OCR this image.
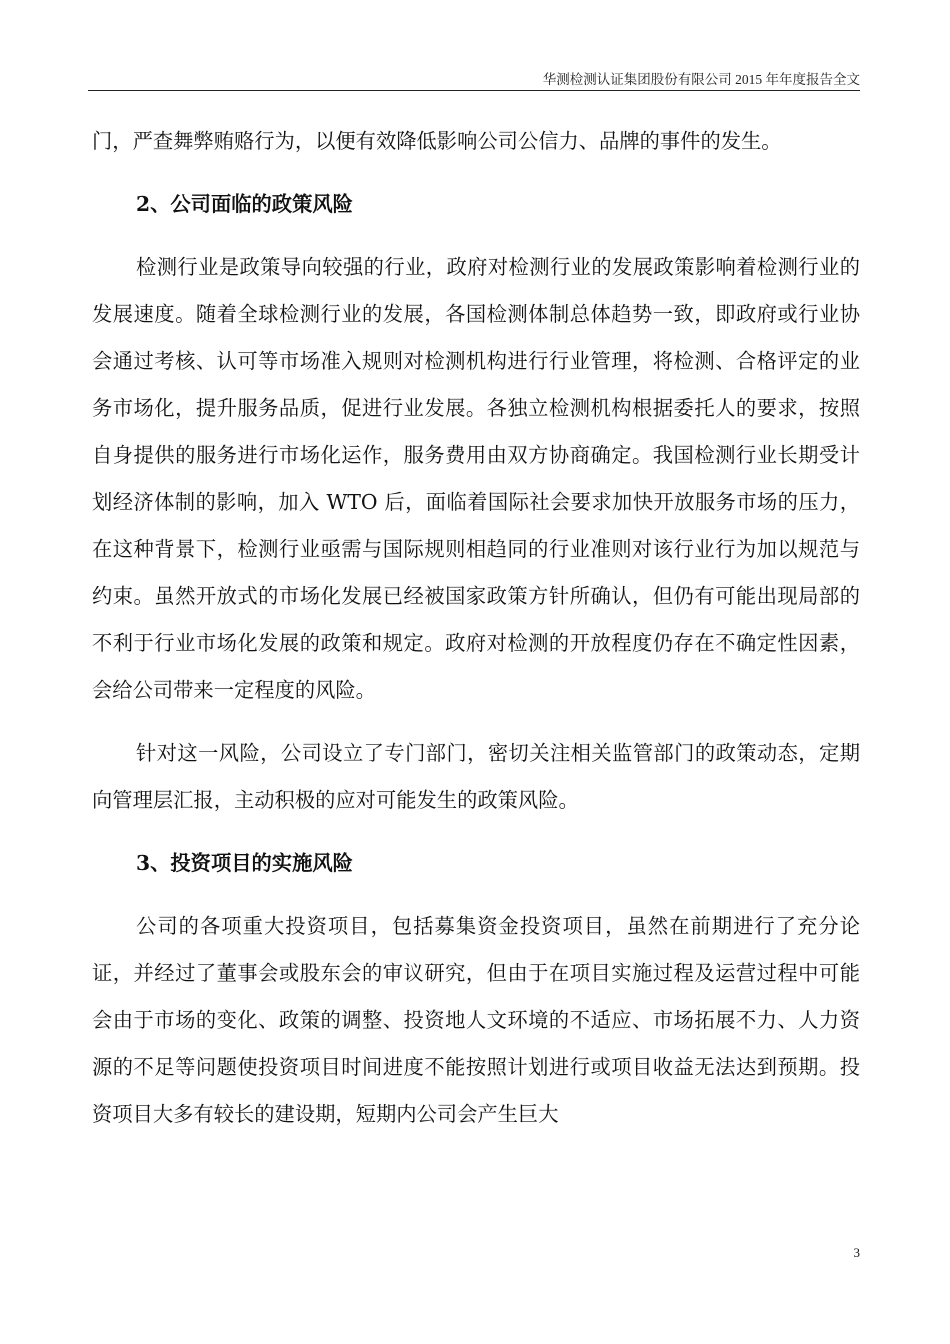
华测检测认证集团股份有限公司 2015 年年度报告全文

门，严查舞弊贿赂行为，以便有效降低影响公司公信力、品牌的事件的发生。

2、公司面临的政策风险

检测行业是政策导向较强的行业，政府对检测行业的发展政策影响着检测行业的发展速度。随着全球检测行业的发展，各国检测体制总体趋势一致，即政府或行业协会通过考核、认可等市场准入规则对检测机构进行行业管理，将检测、合格评定的业务市场化，提升服务品质，促进行业发展。各独立检测机构根据委托人的要求，按照自身提供的服务进行市场化运作，服务费用由双方协商确定。我国检测行业长期受计划经济体制的影响，加入 WTO 后，面临着国际社会要求加快开放服务市场的压力，在这种背景下，检测行业亟需与国际规则相趋同的行业准则对该行业行为加以规范与约束。虽然开放式的市场化发展已经被国家政策方针所确认，但仍有可能出现局部的不利于行业市场化发展的政策和规定。政府对检测的开放程度仍存在不确定性因素，会给公司带来一定程度的风险。

针对这一风险，公司设立了专门部门，密切关注相关监管部门的政策动态，定期向管理层汇报，主动积极的应对可能发生的政策风险。

3、投资项目的实施风险

公司的各项重大投资项目，包括募集资金投资项目，虽然在前期进行了充分论证，并经过了董事会或股东会的审议研究，但由于在项目实施过程及运营过程中可能会由于市场的变化、政策的调整、投资地人文环境的不适应、市场拓展不力、人力资源的不足等问题使投资项目时间进度不能按照计划进行或项目收益无法达到预期。投资项目大多有较长的建设期，短期内公司会产生巨大

3
